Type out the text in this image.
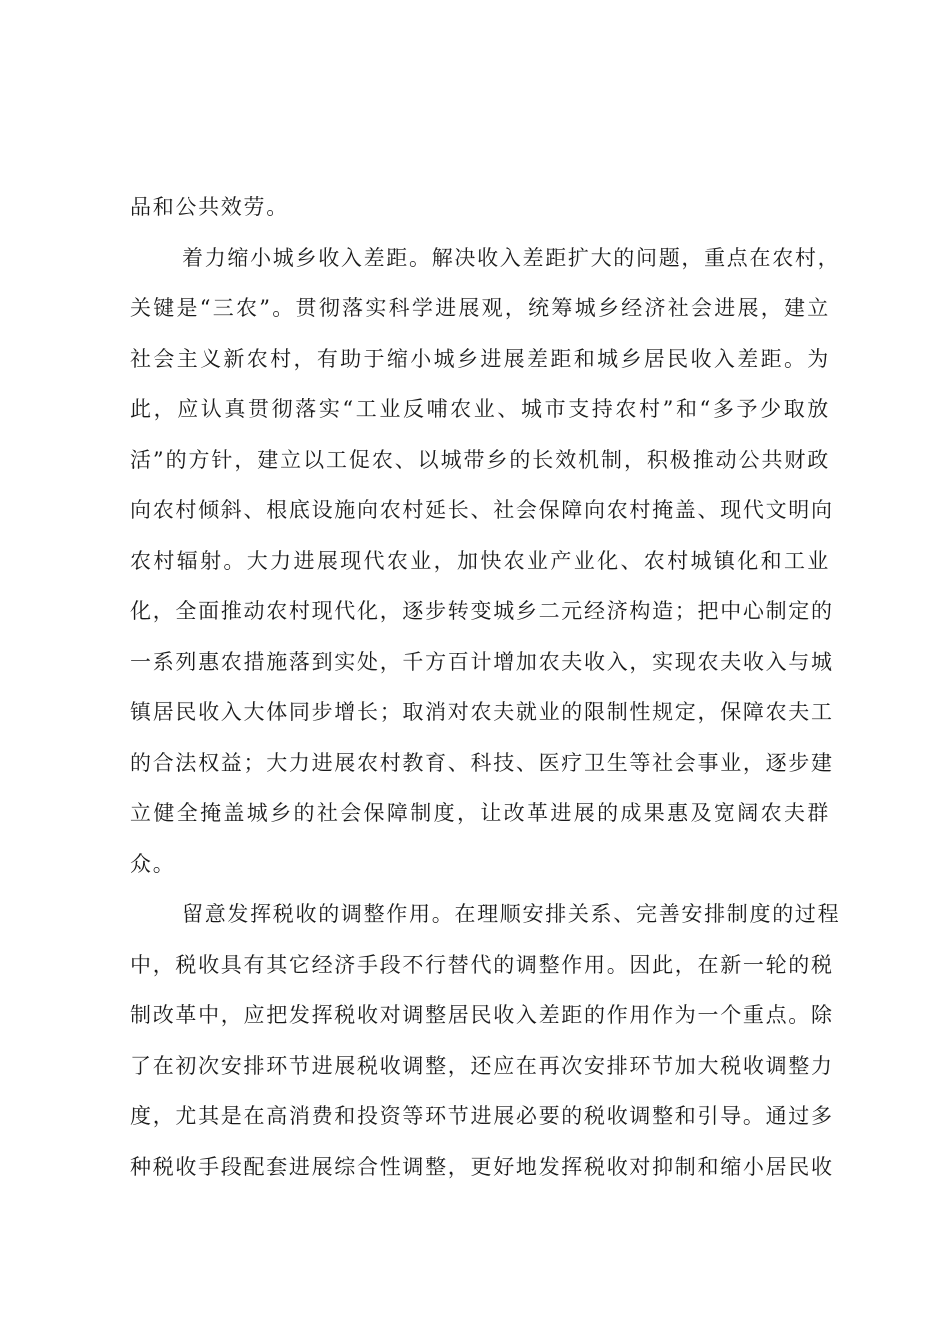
品和公共效劳。
着力缩小城乡收入差距。解决收入差距扩大的问题，重点在农村，
关键是“三农”。贯彻落实科学进展观，统筹城乡经济社会进展，建立
社会主义新农村，有助于缩小城乡进展差距和城乡居民收入差距。为
此，应认真贯彻落实“工业反哺农业、城市支持农村”和“多予少取放
活”的方针，建立以工促农、以城带乡的长效机制，积极推动公共财政
向农村倾斜、根底设施向农村延长、社会保障向农村掩盖、现代文明向
农村辐射。大力进展现代农业，加快农业产业化、农村城镇化和工业
化，全面推动农村现代化，逐步转变城乡二元经济构造；把中心制定的
一系列惠农措施落到实处，千方百计增加农夫收入，实现农夫收入与城
镇居民收入大体同步增长；取消对农夫就业的限制性规定，保障农夫工
的合法权益；大力进展农村教育、科技、医疗卫生等社会事业，逐步建
立健全掩盖城乡的社会保障制度，让改革进展的成果惠及宽阔农夫群
众。
留意发挥税收的调整作用。在理顺安排关系、完善安排制度的过程
中，税收具有其它经济手段不行替代的调整作用。因此，在新一轮的税
制改革中，应把发挥税收对调整居民收入差距的作用作为一个重点。除
了在初次安排环节进展税收调整，还应在再次安排环节加大税收调整力
度，尤其是在高消费和投资等环节进展必要的税收调整和引导。通过多
种税收手段配套进展综合性调整，更好地发挥税收对抑制和缩小居民收
